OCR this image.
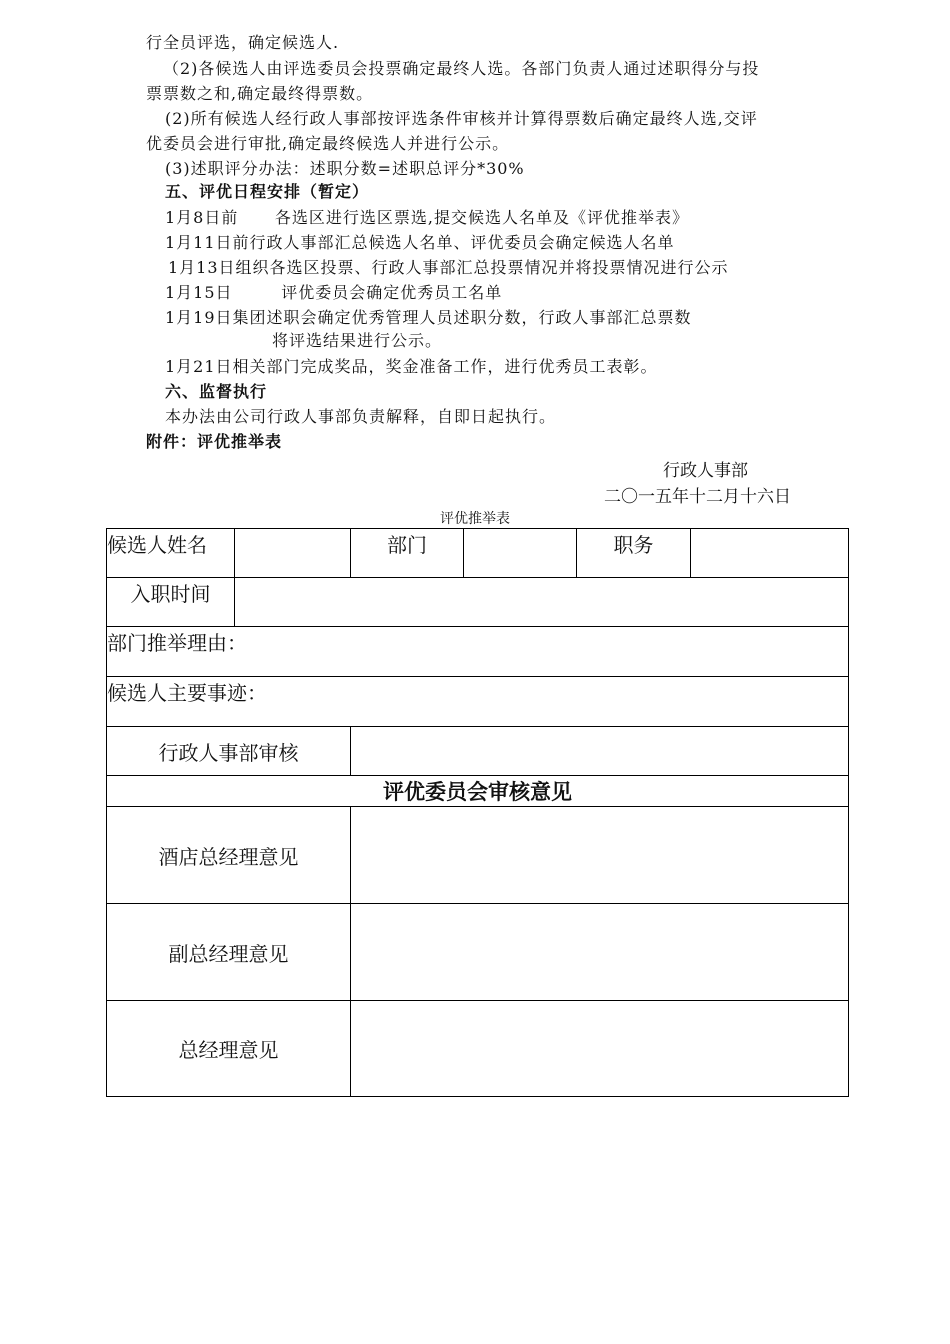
行全员评选，确定候选人.
（2)各候选人由评选委员会投票确定最终人选。各部门负责人通过述职得分与投
票票数之和,确定最终得票数。
(2)所有候选人经行政人事部按评选条件审核并计算得票数后确定最终人选,交评
优委员会进行审批,确定最终候选人并进行公示。
(3)述职评分办法：述职分数=述职总评分*30%
五、评优日程安排（暂定）
1月8日前      各选区进行选区票选,提交候选人名单及《评优推举表》
1月11日前行政人事部汇总候选人名单、评优委员会确定候选人名单
1月13日组织各选区投票、行政人事部汇总投票情况并将投票情况进行公示
1月15日        评优委员会确定优秀员工名单
1月19日集团述职会确定优秀管理人员述职分数，行政人事部汇总票数
将评选结果进行公示。
1月21日相关部门完成奖品，奖金准备工作，进行优秀员工表彰。
六、监督执行
本办法由公司行政人事部负责解释，自即日起执行。
附件：评优推举表
行政人事部
二〇一五年十二月十六日
评优推举表
候选人姓名		部门		职务	
入职时间					
部门推举理由：					
候选人主要事迹：					
行政人事部审核					
评优委员会审核意见					
酒店总经理意见					
副总经理意见					
总经理意见					
